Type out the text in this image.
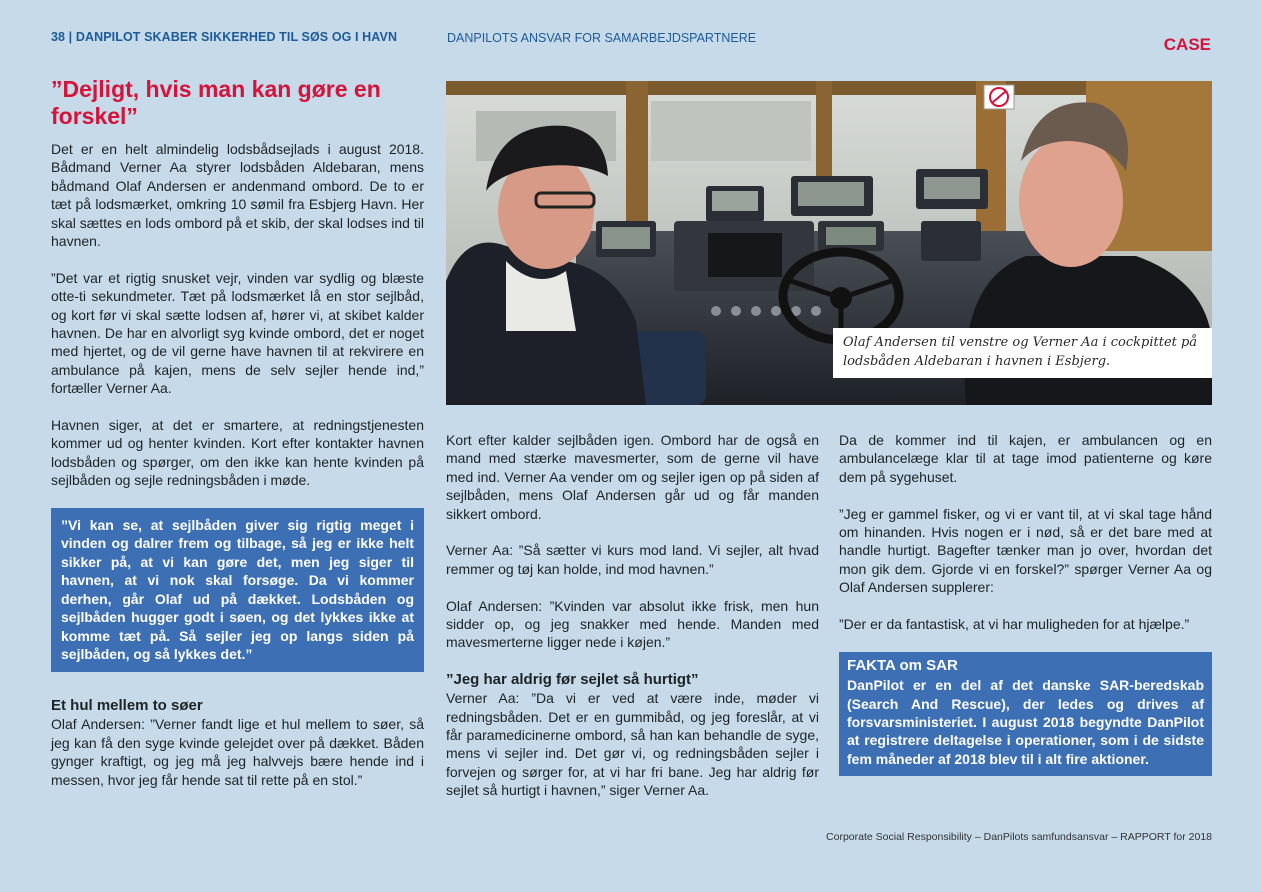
38 | DANPILOT SKABER SIKKERHED TIL SØS OG I HAVN	DANPILOTS ANSVAR FOR SAMARBEJDSPARTNERE	CASE
”Dejligt, hvis man kan gøre en forskel”

Det er en helt almindelig lodsbådsejlads i august 2018. Bådmand Verner Aa styrer lodsbåden Aldebaran, mens bådmand Olaf Andersen er andenmand ombord. De to er tæt på lodsmærket, omkring 10 sømil fra Esbjerg Havn. Her skal sættes en lods ombord på et skib, der skal lodses ind til havnen.

”Det var et rigtig snusket vejr, vinden var sydlig og blæste otte-ti sekundmeter. Tæt på lodsmærket lå en stor sejlbåd, og kort før vi skal sætte lodsen af, hører vi, at skibet kalder havnen. De har en alvorligt syg kvinde ombord, det er noget med hjertet, og de vil gerne have havnen til at rekvirere en ambulance på kajen, mens de selv sejler hende ind,” fortæller Verner Aa.

Havnen siger, at det er smartere, at redningstjenesten kommer ud og henter kvinden. Kort efter kontakter havnen lodsbåden og spørger, om den ikke kan hente kvinden på sejlbåden og sejle redningsbåden i møde.

”Vi kan se, at sejlbåden giver sig rigtig meget i vinden og dalrer frem og tilbage, så jeg er ikke helt sikker på, at vi kan gøre det, men jeg siger til havnen, at vi nok skal forsøge. Da vi kommer derhen, går Olaf ud på dækket. Lodsbåden og sejlbåden hugger godt i søen, og det lykkes ikke at komme tæt på. Så sejler jeg op langs siden på sejlbåden, og så lykkes det.”
Et hul mellem to søer

Olaf Andersen: ”Verner fandt lige et hul mellem to søer, så jeg kan få den syge kvinde gelejdet over på dækket. Båden gynger kraftigt, og jeg må jeg halvvejs bære hende ind i messen, hvor jeg får hende sat til rette på en stol.”

Olaf Andersen til venstre og Verner Aa i cockpittet på lodsbåden Aldebaran i havnen i Esbjerg.

Kort efter kalder sejlbåden igen. Ombord har de også en mand med stærke mavesmerter, som de gerne vil have med ind. Verner Aa vender om og sejler igen op på siden af sejlbåden, mens Olaf Andersen går ud og får manden sikkert ombord.

Verner Aa: ”Så sætter vi kurs mod land. Vi sejler, alt hvad remmer og tøj kan holde, ind mod havnen.”

Olaf Andersen: ”Kvinden var absolut ikke frisk, men hun sidder op, og jeg snakker med hende. Manden med mavesmerterne ligger nede i køjen.”

”Jeg har aldrig før sejlet så hurtigt”

Verner Aa: ”Da vi er ved at være inde, møder vi redningsbåden. Det er en gummibåd, og jeg foreslår, at vi får paramedicinerne ombord, så han kan behandle de syge, mens vi sejler ind. Det gør vi, og redningsbåden sejler i forvejen og sørger for, at vi har fri bane. Jeg har aldrig før sejlet så hurtigt i havnen,” siger Verner Aa.

Da de kommer ind til kajen, er ambulancen og en ambulancelæge klar til at tage imod patienterne og køre dem på sygehuset.

”Jeg er gammel fisker, og vi er vant til, at vi skal tage hånd om hinanden. Hvis nogen er i nød, så er det bare med at handle hurtigt. Bagefter tænker man jo over, hvordan det mon gik dem. Gjorde vi en forskel?” spørger Verner Aa og Olaf Andersen supplerer:

”Der er da fantastisk, at vi har muligheden for at hjælpe.”

FAKTA om SAR

DanPilot er en del af det danske SAR-beredskab (Search And Rescue), der ledes og drives af forsvarsministeriet. I august 2018 begyndte DanPilot at registrere deltagelse i operationer, som i de sidste fem måneder af 2018 blev til i alt fire aktioner.

Corporate Social Responsibility – DanPilots samfundsansvar – RAPPORT for 2018
